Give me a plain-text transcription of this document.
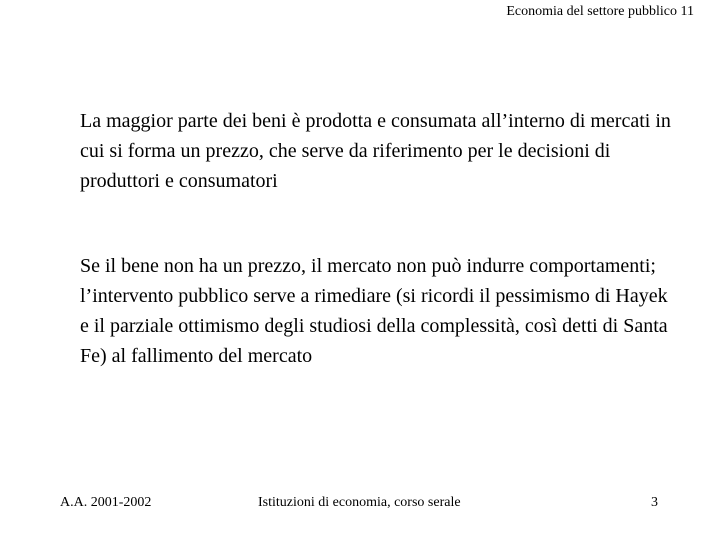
Economia del settore pubblico 11

La maggior parte dei beni è prodotta e consumata all’interno di mercati in cui si forma un prezzo, che serve da riferimento per le decisioni di produttori e consumatori

Se il bene non ha un prezzo, il mercato non può indurre comportamenti; l’intervento pubblico serve a rimediare (si ricordi il pessimismo di Hayek e il parziale ottimismo degli studiosi della complessità, così detti di Santa Fe) al fallimento del mercato

A.A. 2001-2002	Istituzioni di economia, corso serale	3
